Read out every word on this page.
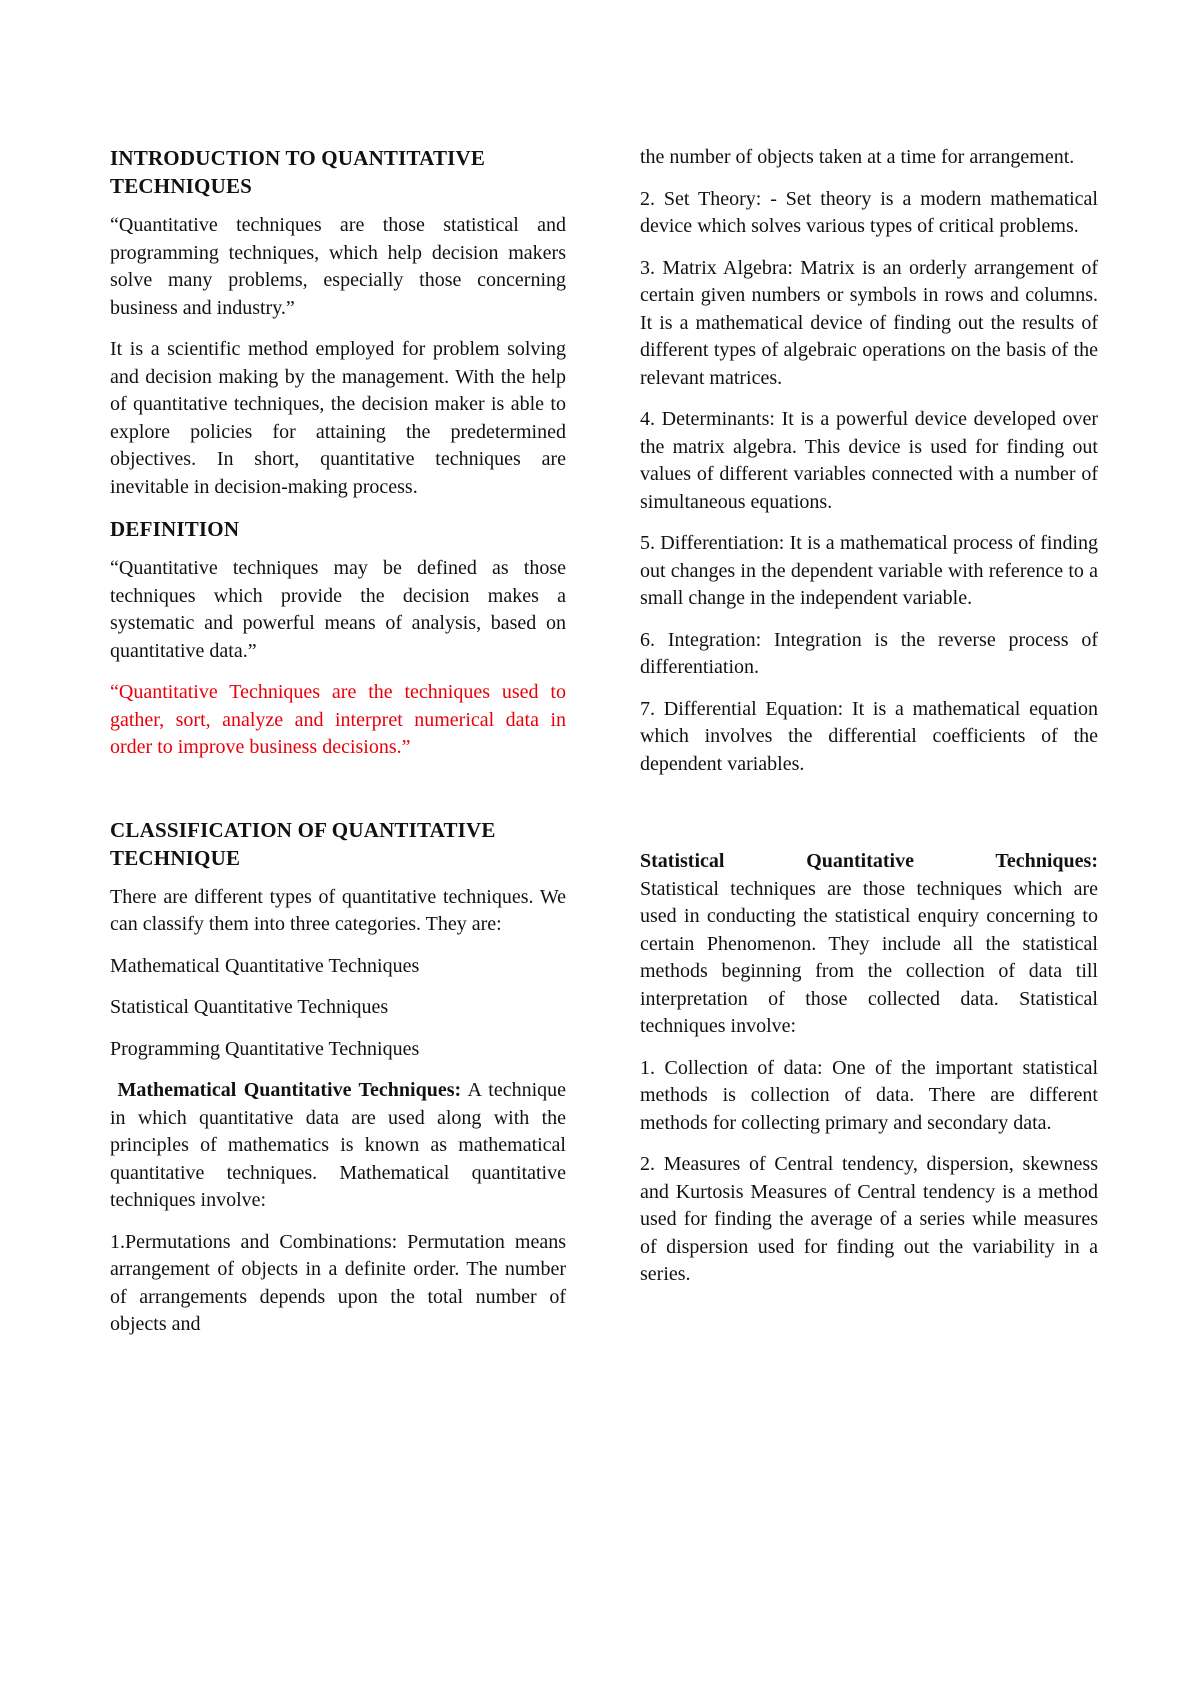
INTRODUCTION TO QUANTITATIVE TECHNIQUES

“Quantitative techniques are those statistical and programming techniques, which help decision makers solve many problems, especially those concerning business and industry.”

It is a scientific method employed for problem solving and decision making by the management. With the help of quantitative techniques, the decision maker is able to explore policies for attaining the predetermined objectives. In short, quantitative techniques are inevitable in decision-making process.

DEFINITION

“Quantitative techniques may be defined as those techniques which provide the decision makes a systematic and powerful means of analysis, based on quantitative data.”

“Quantitative Techniques are the techniques used to gather, sort, analyze and interpret numerical data in order to improve business decisions.”

CLASSIFICATION OF QUANTITATIVE TECHNIQUE

There are different types of quantitative techniques. We can classify them into three categories. They are:

Mathematical Quantitative Techniques

Statistical Quantitative Techniques

Programming Quantitative Techniques

Mathematical Quantitative Techniques: A technique in which quantitative data are used along with the principles of mathematics is known as mathematical quantitative techniques. Mathematical quantitative techniques involve:

1.Permutations and Combinations: Permutation means arrangement of objects in a definite order. The number of arrangements depends upon the total number of objects and

the number of objects taken at a time for arrangement.

2. Set Theory: - Set theory is a modern mathematical device which solves various types of critical problems.

3. Matrix Algebra: Matrix is an orderly arrangement of certain given numbers or symbols in rows and columns. It is a mathematical device of finding out the results of different types of algebraic operations on the basis of the relevant matrices.

4. Determinants: It is a powerful device developed over the matrix algebra. This device is used for finding out values of different variables connected with a number of simultaneous equations.

5. Differentiation: It is a mathematical process of finding out changes in the dependent variable with reference to a small change in the independent variable.

6. Integration: Integration is the reverse process of differentiation.

7. Differential Equation: It is a mathematical equation which involves the differential coefficients of the dependent variables.

Statistical Quantitative Techniques:

Statistical techniques are those techniques which are used in conducting the statistical enquiry concerning to certain Phenomenon. They include all the statistical methods beginning from the collection of data till interpretation of those collected data. Statistical techniques involve:

1. Collection of data: One of the important statistical methods is collection of data. There are different methods for collecting primary and secondary data.

2. Measures of Central tendency, dispersion, skewness and Kurtosis Measures of Central tendency is a method used for finding the average of a series while measures of dispersion used for finding out the variability in a series.
